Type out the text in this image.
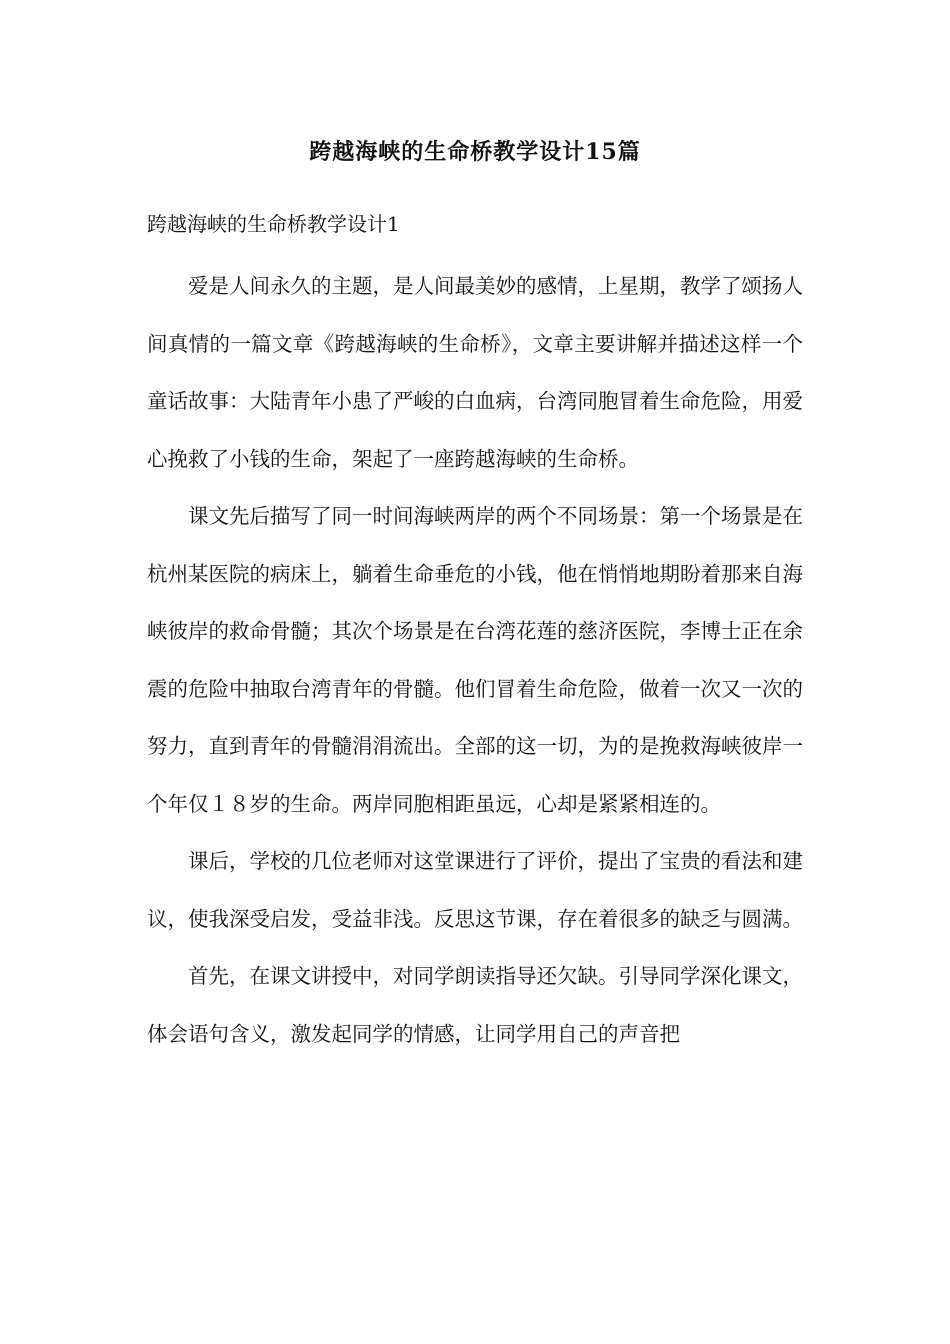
跨越海峡的生命桥教学设计15篇
跨越海峡的生命桥教学设计1

爱是人间永久的主题，是人间最美妙的感情，上星期，教学了颂扬人间真情的一篇文章《跨越海峡的生命桥》，文章主要讲解并描述这样一个童话故事：大陆青年小患了严峻的白血病，台湾同胞冒着生命危险，用爱心挽救了小钱的生命，架起了一座跨越海峡的生命桥。

课文先后描写了同一时间海峡两岸的两个不同场景：第一个场景是在杭州某医院的病床上，躺着生命垂危的小钱，他在悄悄地期盼着那来自海峡彼岸的救命骨髓；其次个场景是在台湾花莲的慈济医院，李博士正在余震的危险中抽取台湾青年的骨髓。他们冒着生命危险，做着一次又一次的努力，直到青年的骨髓涓涓流出。全部的这一切，为的是挽救海峡彼岸一个年仅１８岁的生命。两岸同胞相距虽远，心却是紧紧相连的。

课后，学校的几位老师对这堂课进行了评价，提出了宝贵的看法和建议，使我深受启发，受益非浅。反思这节课，存在着很多的缺乏与圆满。

首先，在课文讲授中，对同学朗读指导还欠缺。引导同学深化课文，体会语句含义，激发起同学的情感，让同学用自己的声音把
